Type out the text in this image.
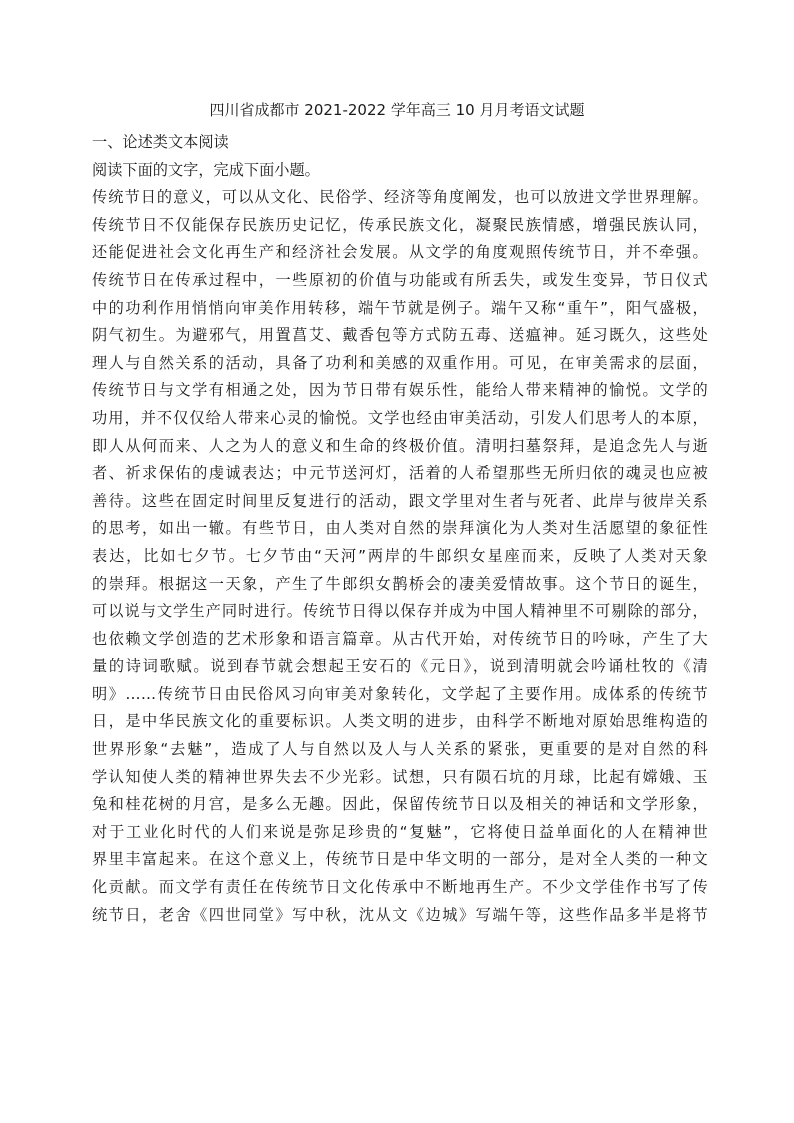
四川省成都市 2021-2022 学年高三 10 月月考语文试题
一、论述类文本阅读
阅读下面的文字，完成下面小题。
传统节日的意义，可以从文化、民俗学、经济等角度阐发，也可以放进文学世界理解。
传统节日不仅能保存民族历史记忆，传承民族文化，凝聚民族情感，增强民族认同，
还能促进社会文化再生产和经济社会发展。从文学的角度观照传统节日，并不牵强。
传统节日在传承过程中，一些原初的价值与功能或有所丢失，或发生变异，节日仪式
中的功利作用悄悄向审美作用转移，端午节就是例子。端午又称“重午”，阳气盛极，
阴气初生。为避邪气，用置菖艾、戴香包等方式防五毒、送瘟神。延习既久，这些处
理人与自然关系的活动，具备了功利和美感的双重作用。可见，在审美需求的层面，
传统节日与文学有相通之处，因为节日带有娱乐性，能给人带来精神的愉悦。文学的
功用，并不仅仅给人带来心灵的愉悦。文学也经由审美活动，引发人们思考人的本原，
即人从何而来、人之为人的意义和生命的终极价值。清明扫墓祭拜，是追念先人与逝
者、祈求保佑的虔诚表达；中元节送河灯，活着的人希望那些无所归依的魂灵也应被
善待。这些在固定时间里反复进行的活动，跟文学里对生者与死者、此岸与彼岸关系
的思考，如出一辙。有些节日，由人类对自然的崇拜演化为人类对生活愿望的象征性
表达，比如七夕节。七夕节由“天河”两岸的牛郎织女星座而来，反映了人类对天象
的崇拜。根据这一天象，产生了牛郎织女鹊桥会的凄美爱情故事。这个节日的诞生，
可以说与文学生产同时进行。传统节日得以保存并成为中国人精神里不可剔除的部分，
也依赖文学创造的艺术形象和语言篇章。从古代开始，对传统节日的吟咏，产生了大
量的诗词歌赋。说到春节就会想起王安石的《元日》，说到清明就会吟诵杜牧的《清
明》……传统节日由民俗风习向审美对象转化，文学起了主要作用。成体系的传统节
日，是中华民族文化的重要标识。人类文明的进步，由科学不断地对原始思维构造的
世界形象“去魅”，造成了人与自然以及人与人关系的紧张，更重要的是对自然的科
学认知使人类的精神世界失去不少光彩。试想，只有陨石坑的月球，比起有嫦娥、玉
兔和桂花树的月宫，是多么无趣。因此，保留传统节日以及相关的神话和文学形象，
对于工业化时代的人们来说是弥足珍贵的“复魅”，它将使日益单面化的人在精神世
界里丰富起来。在这个意义上，传统节日是中华文明的一部分，是对全人类的一种文
化贡献。而文学有责任在传统节日文化传承中不断地再生产。不少文学佳作书写了传
统节日，老舍《四世同堂》写中秋，沈从文《边城》写端午等，这些作品多半是将节
